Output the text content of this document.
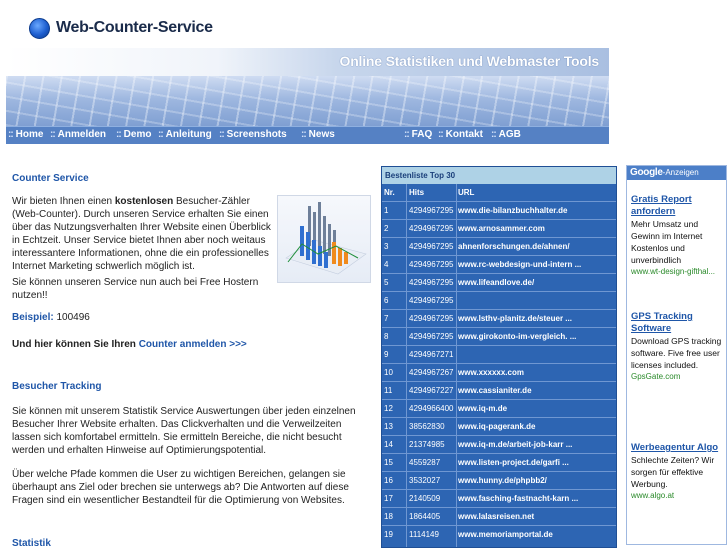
Web-Counter-Service
Online Statistiken und Webmaster Tools
:: Home :: Anmelden :: Demo :: Anleitung :: Screenshots :: News	:: FAQ :: Kontakt :: AGB
Counter Service
Wir bieten Ihnen einen kostenlosen Besucher-Zähler (Web-Counter). Durch unseren Service erhalten Sie einen über das Nutzungsverhalten Ihrer Website einen Überblick in Echtzeit. Unser Service bietet Ihnen aber noch weitaus interessantere Informationen, ohne die ein professionelles Internet Marketing schwerlich möglich ist.
Sie können unseren Service nun auch bei Free Hostern nutzen!!
Beispiel: 100496
Und hier können Sie Ihren Counter anmelden >>>
Besucher Tracking
Sie können mit unserem Statistik Service Auswertungen über jeden einzelnen Besucher Ihrer Website erhalten. Das Clickverhalten und die Verweilzeiten lassen sich komfortabel ermitteln. Sie ermitteln Bereiche, die nicht besucht werden und erhalten Hinweise auf Optimierungspotential.
Über welche Pfade kommen die User zu wichtigen Bereichen, gelangen sie überhaupt ans Ziel oder brechen sie unterwegs ab? Die Antworten auf diese Fragen sind ein wesentlicher Bestandteil für die Optimierung von Websites.
Statistik
Bestenliste Top 30
Nr.	Hits	URL
1	4294967295 www.die-bilanzbuchhalter.de
2	4294967295 www.arnosammer.com
3	4294967295 ahnenforschungen.de/ahnen/
4	4294967295 www.rc-webdesign-und-intern ...
5	4294967295 www.lifeandlove.de/
6	4294967295
7	4294967295 www.lsthv-planitz.de/steuer ...
8	4294967295 www.girokonto-im-vergleich. ...
9	4294967271
10	4294967267 www.xxxxxx.com
11	4294967227 www.cassianiter.de
12	4294966400 www.iq-m.de
13	38562830	www.iq-pagerank.de
14	21374985	www.iq-m.de/arbeit-job-karr ...
15	4559287	www.listen-project.de/garfi ...
16	3532027	www.hunny.de/phpbb2/
17	2140509	www.fasching-fastnacht-karn ...
18	1864405	www.lalasreisen.net
19	1114149	www.memoriamportal.de
Google-Anzeigen
Gratis Report anfordern
Mehr Umsatz und Gewinn im Internet Kostenlos und unverbindlich
www.wt-design-gifthal...
GPS Tracking Software
Download GPS tracking software. Five free user licenses included.
GpsGate.com
Werbeagentur Algo
Schlechte Zeiten? Wir sorgen für effektive Werbung.
www.algo.at
